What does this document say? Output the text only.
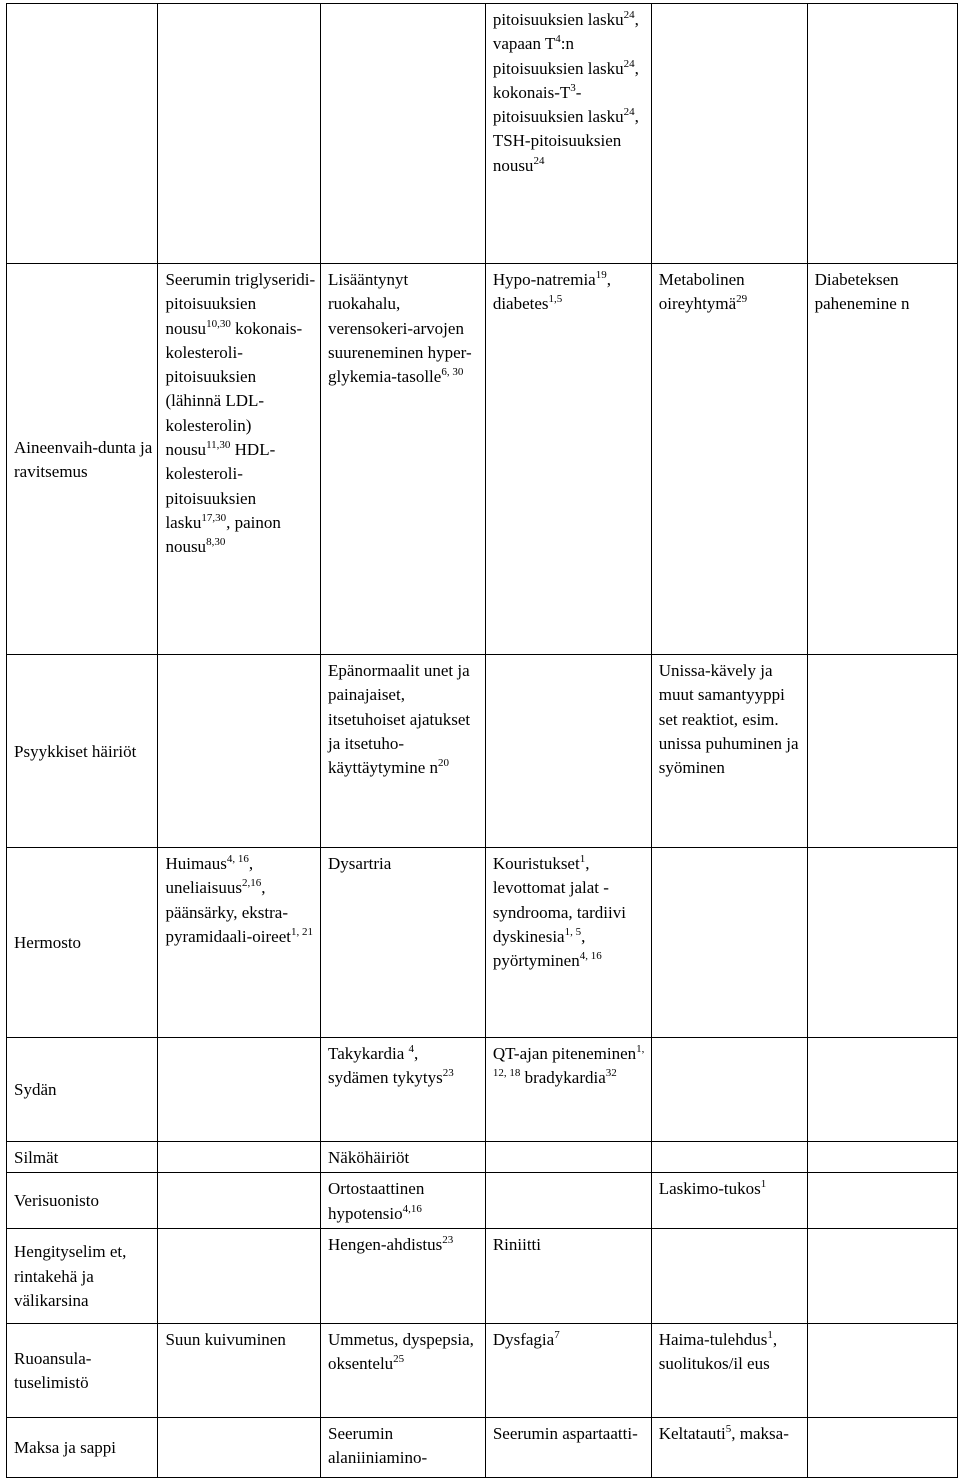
			pitoisuuksien lasku$^{24}$, vapaan $T^4:n$ pitoisuuksien lasku$^{24}$, kokonais-$T^3$-pitoisuuksien lasku$^{24}$, TSH-pitoisuuksien nousu$^{24}$		
Aineenvaih-dunta ja ravitsemus	Seerumin triglyseridi-pitoisuuksien nousu$^{10,30}$ kokonais-kolesteroli-pitoisuuksien (lähinnä LDL-kolesterolin) nousu$^{11,30}$ HDL-kolesteroli-pitoisuuksien lasku$^{17,30}$, painon nousu$^{8,30}$	Lisääntynyt ruokahalu, verensokeri-arvojen suureneminen hyper-glykemia-tasolle$^{6, 30}$	Hypo-natremia$^{19}$, diabetes$^{1,5}$	Metabolinen oireyhtymä$^{29}$	Diabeteksen pahenemine n
Psyykkiset häiriöt		Epänormaalit unet ja painajaiset, itsetuhoiset ajatukset ja itsetuho-käyttäytymine $n^{20}$		Unissa-kävely ja muut samantyyppi set reaktiot, esim. unissa puhuminen ja syöminen	
Hermosto	Huimaus$^{4, 16}$, uneliaisuus$^{2,16}$, päänsärky, ekstra-pyramidaali-oireet$^{1, 21}$	Dysartria	Kouristukset$^1$, levottomat jalat - syndrooma, tardiivi dyskinesia$^{1, 5}$, pyörtyminen$^{4, 16}$		
Sydän		Takykardia $^4$, sydämen tykytys$^{23}$	QT-ajan piteneminen$^{1, 12, 18}$ bradykardia$^{32}$		
Silmät		Näköhäiriöt			
Verisuonisto		Ortostaattinen hypotensio$^{4,16}$		Laskimo-tukos$^1$	
Hengityselim et, rintakehä ja välikarsina		Hengen-ahdistus$^{23}$	Riniitti		
Ruoansula-tuselimistö	Suun kuivuminen	Ummetus, dyspepsia, oksentelu$^{25}$	Dysfagia$^7$	Haima-tulehdus$^1$, suolitukos/il eus	
Maksa ja sappi		Seerumin alaniiniamino-	Seerumin aspartaatti-	Keltatauti$^5$, maksa-	
